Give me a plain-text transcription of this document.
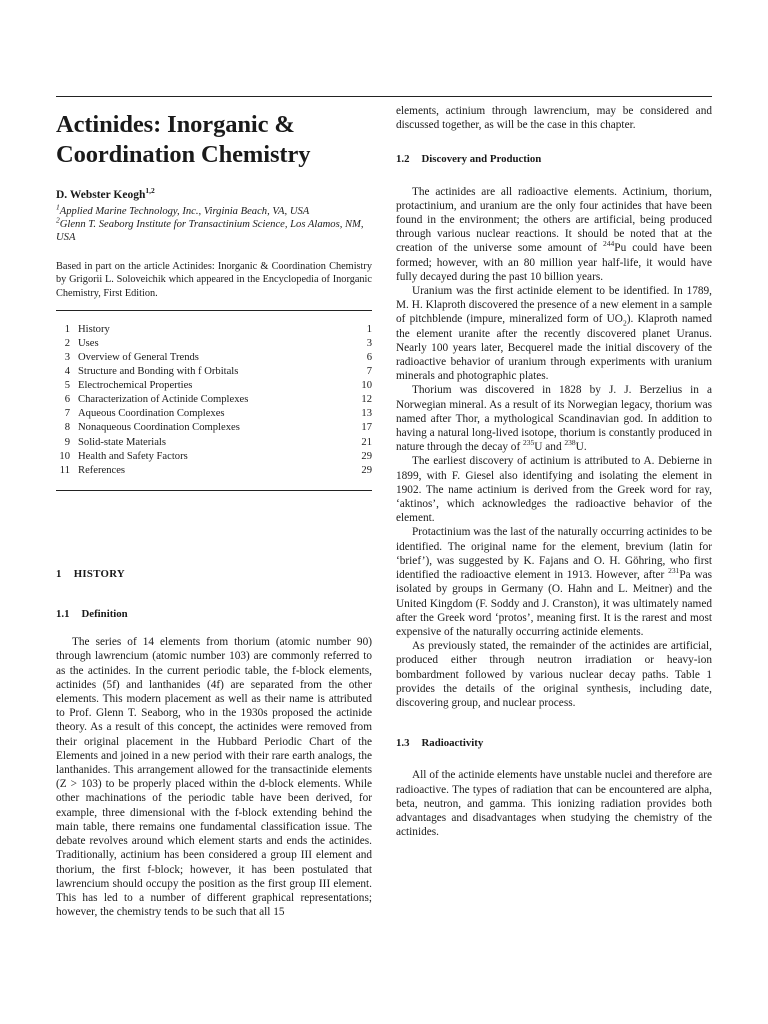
Actinides: Inorganic &
Coordination Chemistry

D. Webster Keogh$^{1,2}$

$^1$Applied Marine Technology, Inc., Virginia Beach, VA, USA

$^2$Glenn T. Seaborg Institute for Transactinium Science, Los Alamos, NM, USA

Based in part on the article Actinides: Inorganic & Coordination Chemistry by Grigorii L. Soloveichik which appeared in the Encyclopedia of Inorganic Chemistry, First Edition.

1 History	1
2 Uses	3
3 Overview of General Trends	6
4 Structure and Bonding with f Orbitals	7
5 Electrochemical Properties	10
6 Characterization of Actinide Complexes	12
7 Aqueous Coordination Complexes	13
8 Nonaqueous Coordination Complexes	17
9 Solid-state Materials	21
10 Health and Safety Factors	29
11 References	29
1 HISTORY
1.1 Definition

The series of 14 elements from thorium (atomic number 90) through lawrencium (atomic number 103) are commonly referred to as the actinides. In the current periodic table, the f-block elements, actinides (5f) and lanthanides (4f) are separated from the other elements. This modern placement as well as their name is attributed to Prof. Glenn T. Seaborg, who in the 1930s proposed the actinide theory. As a result of this concept, the actinides were removed from their original placement in the Hubbard Periodic Chart of the Elements and joined in a new period with their rare earth analogs, the lanthanides. This arrangement allowed for the transactinide elements (Z > 103) to be properly placed within the d-block elements. While other machinations of the periodic table have been derived, for example, three dimensional with the f-block extending behind the main table, there remains one fundamental classification issue. The debate revolves around which element starts and ends the actinides. Traditionally, actinium has been considered a group III element and thorium, the first f-block; however, it has been postulated that lawrencium should occupy the position as the first group III element. This has led to a number of different graphical representations; however, the chemistry tends to be such that all 15

elements, actinium through lawrencium, may be considered and discussed together, as will be the case in this chapter.

1.2 Discovery and Production

The actinides are all radioactive elements. Actinium, thorium, protactinium, and uranium are the only four actinides that have been found in the environment; the others are artificial, being produced through various nuclear reactions. It should be noted that at the creation of the universe some amount of $^{244}$Pu could have been formed; however, with an 80 million year half-life, it would have fully decayed during the past 10 billion years.

Uranium was the first actinide element to be identified. In 1789, M. H. Klaproth discovered the presence of a new element in a sample of pitchblende (impure, mineralized form of $UO_2$). Klaproth named the element uranite after the recently discovered planet Uranus. Nearly 100 years later, Becquerel made the initial discovery of the radioactive behavior of uranium through experiments with uranium minerals and photographic plates.

Thorium was discovered in 1828 by J. J. Berzelius in a Norwegian mineral. As a result of its Norwegian legacy, thorium was named after Thor, a mythological Scandinavian god. In addition to having a natural long-lived isotope, thorium is constantly produced in nature through the decay of $^{235}$U and $^{238}$U.

The earliest discovery of actinium is attributed to A. Debierne in 1899, with F. Giesel also identifying and isolating the element in 1902. The name actinium is derived from the Greek word for ray, ‘aktinos’, which acknowledges the radioactive behavior of the element.

Protactinium was the last of the naturally occurring actinides to be identified. The original name for the element, brevium (latin for ‘brief’), was suggested by K. Fajans and O. H. Göhring, who first identified the radioactive element in 1913. However, after $^{231}$Pa was isolated by groups in Germany (O. Hahn and L. Meitner) and the United Kingdom (F. Soddy and J. Cranston), it was ultimately named after the Greek word ‘protos’, meaning first. It is the rarest and most expensive of the naturally occurring actinide elements.

As previously stated, the remainder of the actinides are artificial, produced either through neutron irradiation or heavy-ion bombardment followed by various nuclear decay paths. Table 1 provides the details of the original synthesis, including date, discovering group, and nuclear process.

1.3 Radioactivity

All of the actinide elements have unstable nuclei and therefore are radioactive. The types of radiation that can be encountered are alpha, beta, neutron, and gamma. This ionizing radiation provides both advantages and disadvantages when studying the chemistry of the actinides.
